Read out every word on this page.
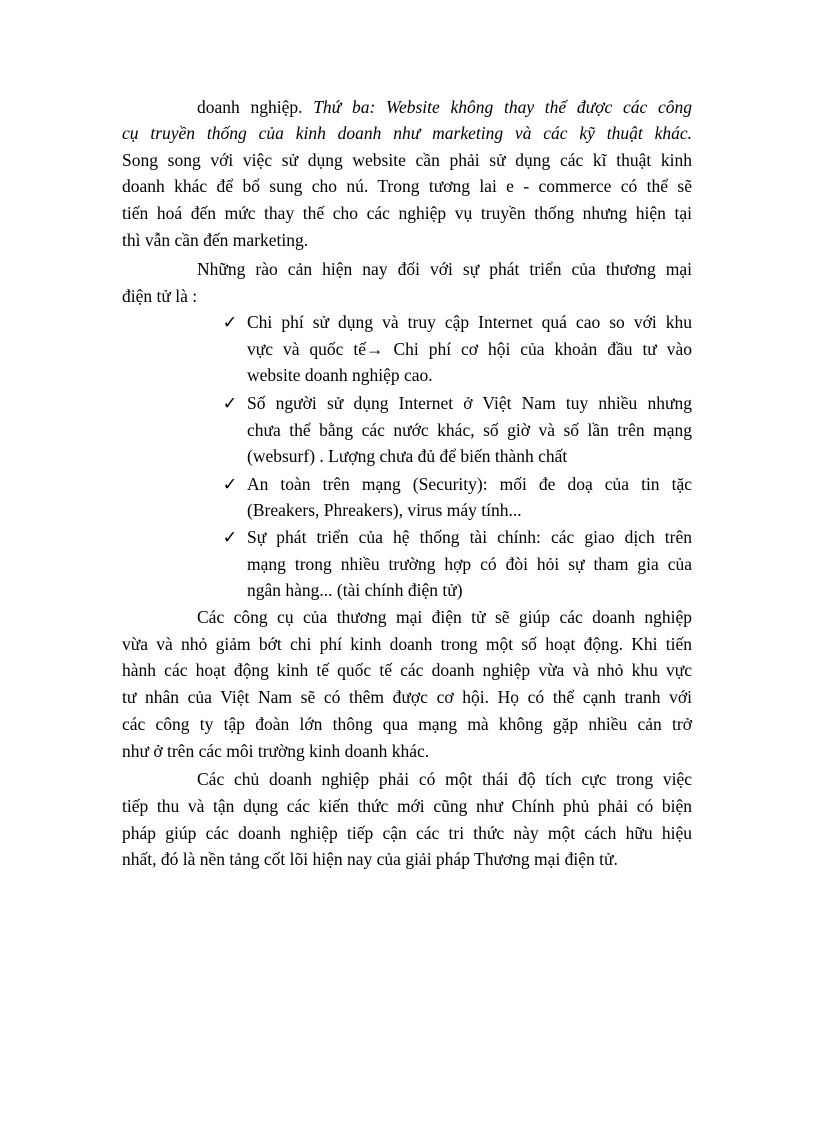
doanh nghiệp. Thứ ba: Website không thay thế được các công
cụ truyền thống của kinh doanh như marketing và các kỹ thuật khác.
Song song với việc sử dụng website cần phải sử dụng các kĩ thuật kinh
doanh khác để bổ sung cho nú. Trong tương lai e - commerce có thể sẽ
tiến hoá đến mức thay thế cho các nghiệp vụ truyền thống nhưng hiện tại
thì vẫn cần đến marketing.
Những rào cản hiện nay đối với sự phát triển của thương mại
điện tử là :
✓ Chi phí sử dụng và truy cập Internet quá cao so với khu
vực và quốc tế→ Chi phí cơ hội của khoản đầu tư vào
website doanh nghiệp cao.
✓ Số người sử dụng Internet ở Việt Nam tuy nhiều nhưng
chưa thể bằng các nước khác, số giờ và số lần trên mạng
(websurf) . Lượng chưa đủ để biến thành chất
✓ An toàn trên mạng (Security): mối đe doạ của tin tặc
(Breakers, Phreakers), virus máy tính...
✓ Sự phát triển của hệ thống tài chính: các giao dịch trên
mạng trong nhiều trường hợp có đòi hỏi sự tham gia của
ngân hàng... (tài chính điện tử)
Các công cụ của thương mại điện tử sẽ giúp các doanh nghiệp
vừa và nhỏ giảm bớt chi phí kinh doanh trong một số hoạt động. Khi tiến
hành các hoạt động kinh tế quốc tế các doanh nghiệp vừa và nhỏ khu vực
tư nhân của Việt Nam sẽ có thêm được cơ hội. Họ có thể cạnh tranh với
các công ty tập đoàn lớn thông qua mạng mà không gặp nhiều cản trở
như ở trên các môi trường kinh doanh khác.
Các chủ doanh nghiệp phải có một thái độ tích cực trong việc
tiếp thu và tận dụng các kiến thức mới cũng như Chính phủ phải có biện
pháp giúp các doanh nghiệp tiếp cận các tri thức này một cách hữu hiệu
nhất, đó là nền tảng cốt lõi hiện nay của giải pháp Thương mại điện tử.
